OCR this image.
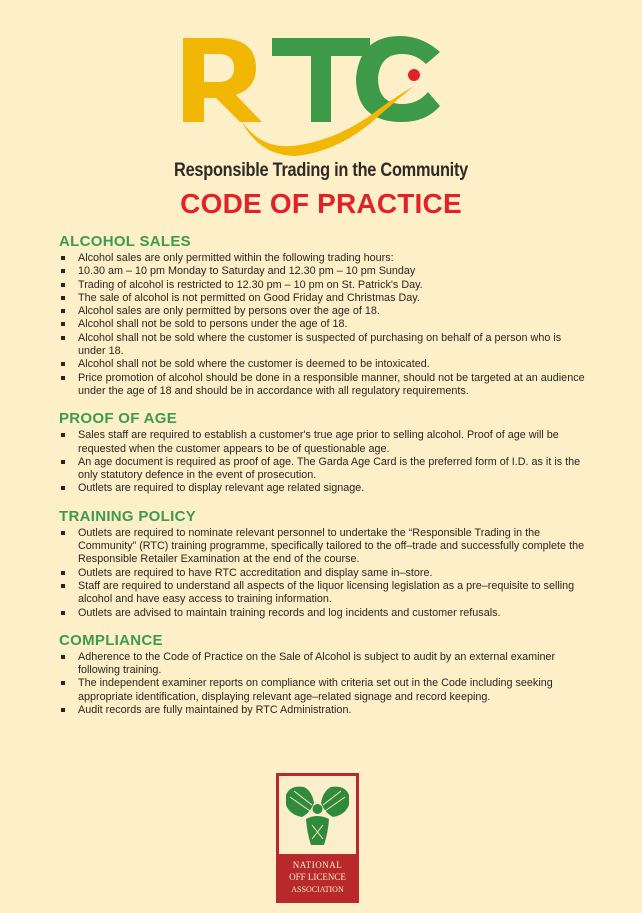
Responsible Trading in the Community
CODE OF PRACTICE
ALCOHOL SALES
Alcohol sales are only permitted within the following trading hours:
10.30 am – 10 pm Monday to Saturday and 12.30 pm – 10 pm Sunday
Trading of alcohol is restricted to 12.30 pm – 10 pm on St. Patrick's Day.
The sale of alcohol is not permitted on Good Friday and Christmas Day.
Alcohol sales are only permitted by persons over the age of 18.
Alcohol shall not be sold to persons under the age of 18.
Alcohol shall not be sold where the customer is suspected of purchasing on behalf of a person who is under 18.
Alcohol shall not be sold where the customer is deemed to be intoxicated.
Price promotion of alcohol should be done in a responsible manner, should not be targeted at an audience under the age of 18 and should be in accordance with all regulatory requirements.
PROOF OF AGE
Sales staff are required to establish a customer's true age prior to selling alcohol. Proof of age will be requested when the customer appears to be of questionable age.
An age document is required as proof of age. The Garda Age Card is the preferred form of I.D. as it is the only statutory defence in the event of prosecution.
Outlets are required to display relevant age related signage.
TRAINING POLICY
Outlets are required to nominate relevant personnel to undertake the “Responsible Trading in the Community” (RTC) training programme, specifically tailored to the off–trade and successfully complete the Responsible Retailer Examination at the end of the course.
Outlets are required to have RTC accreditation and display same in–store.
Staff are required to understand all aspects of the liquor licensing legislation as a pre–requisite to selling alcohol and have easy access to training information.
Outlets are advised to maintain training records and log incidents and customer refusals.
COMPLIANCE
Adherence to the Code of Practice on the Sale of Alcohol is subject to audit by an external examiner following training.
The independent examiner reports on compliance with criteria set out in the Code including seeking appropriate identification, displaying relevant age–related signage and record keeping.
Audit records are fully maintained by RTC Administration.
NATIONAL
OFF LICENCE
ASSOCIATION
